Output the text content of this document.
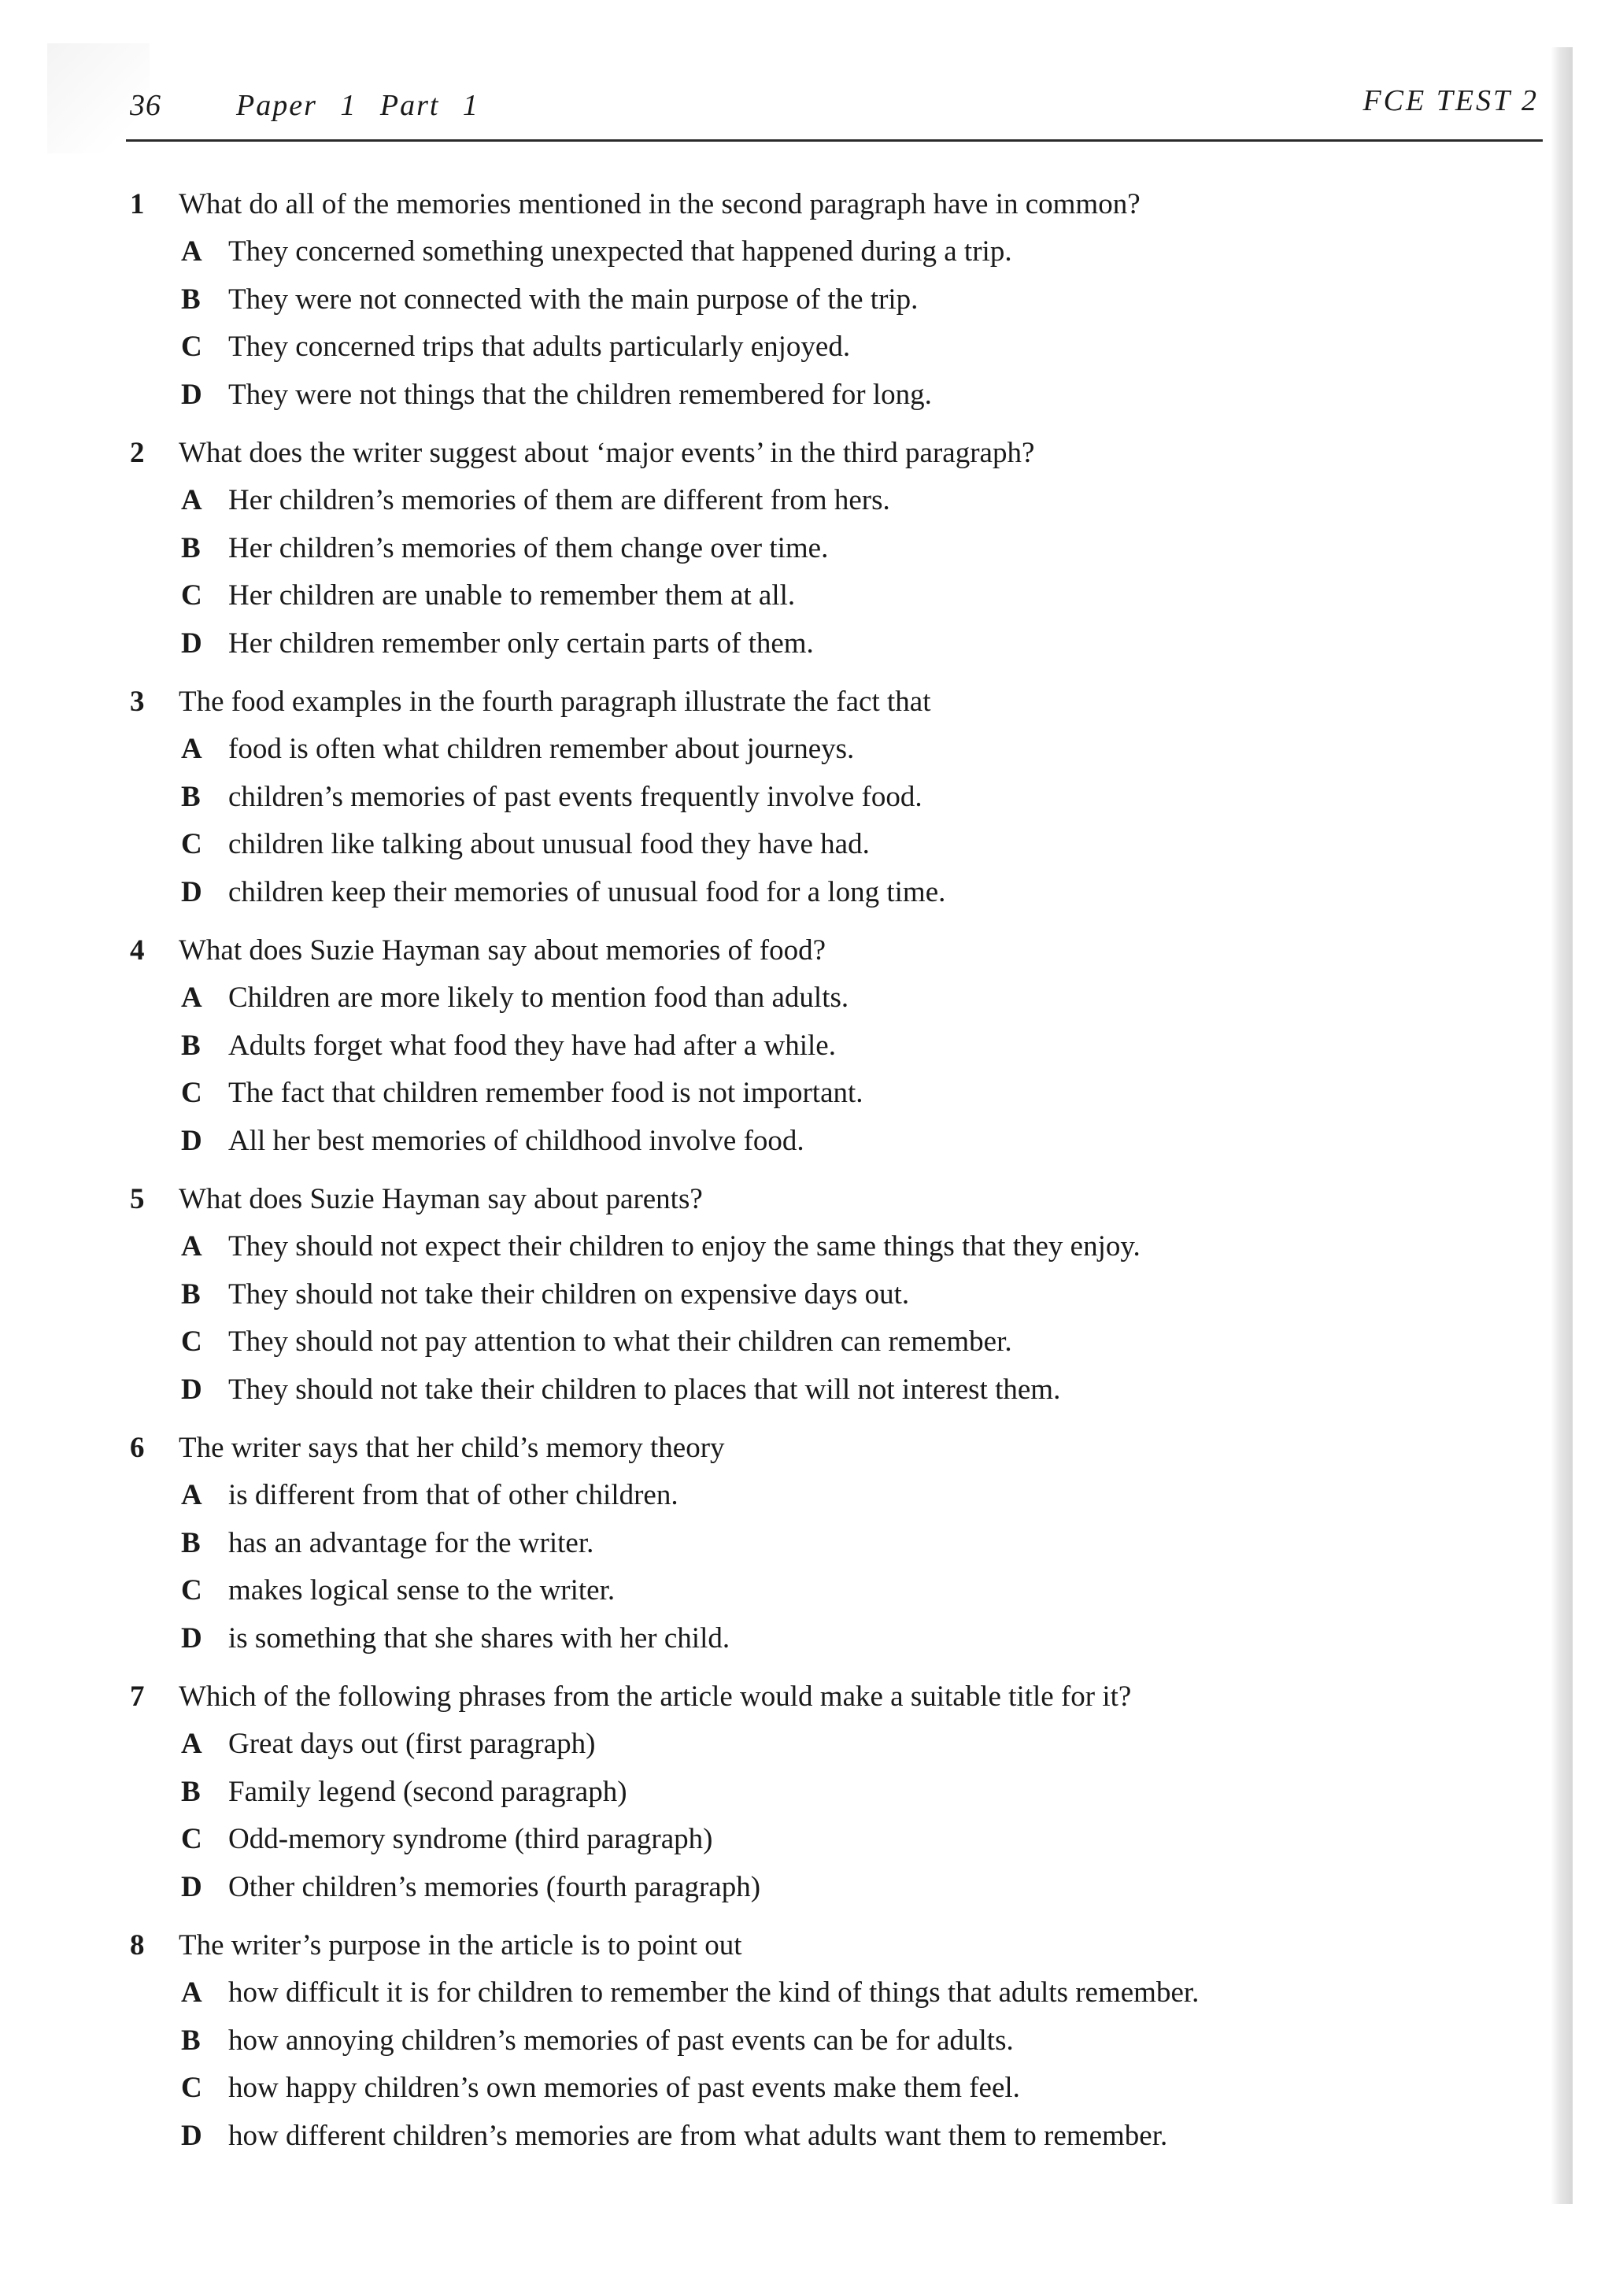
36	Paper 1 Part 1	FCE TEST 2
1	What do all of the memories mentioned in the second paragraph have in common?
A They concerned something unexpected that happened during a trip.
B They were not connected with the main purpose of the trip.
C They concerned trips that adults particularly enjoyed.
D They were not things that the children remembered for long.
2	What does the writer suggest about ‘major events’ in the third paragraph?
A Her children’s memories of them are different from hers.
B Her children’s memories of them change over time.
C Her children are unable to remember them at all.
D Her children remember only certain parts of them.
3	The food examples in the fourth paragraph illustrate the fact that
A food is often what children remember about journeys.
B children’s memories of past events frequently involve food.
C children like talking about unusual food they have had.
D children keep their memories of unusual food for a long time.
4	What does Suzie Hayman say about memories of food?
A Children are more likely to mention food than adults.
B Adults forget what food they have had after a while.
C The fact that children remember food is not important.
D All her best memories of childhood involve food.
5	What does Suzie Hayman say about parents?
A They should not expect their children to enjoy the same things that they enjoy.
B They should not take their children on expensive days out.
C They should not pay attention to what their children can remember.
D They should not take their children to places that will not interest them.
6	The writer says that her child’s memory theory
A is different from that of other children.
B has an advantage for the writer.
C makes logical sense to the writer.
D is something that she shares with her child.
7	Which of the following phrases from the article would make a suitable title for it?
A Great days out (first paragraph)
B Family legend (second paragraph)
C Odd-memory syndrome (third paragraph)
D Other children’s memories (fourth paragraph)
8	The writer’s purpose in the article is to point out
A how difficult it is for children to remember the kind of things that adults remember.
B how annoying children’s memories of past events can be for adults.
C how happy children’s own memories of past events make them feel.
D how different children’s memories are from what adults want them to remember.
